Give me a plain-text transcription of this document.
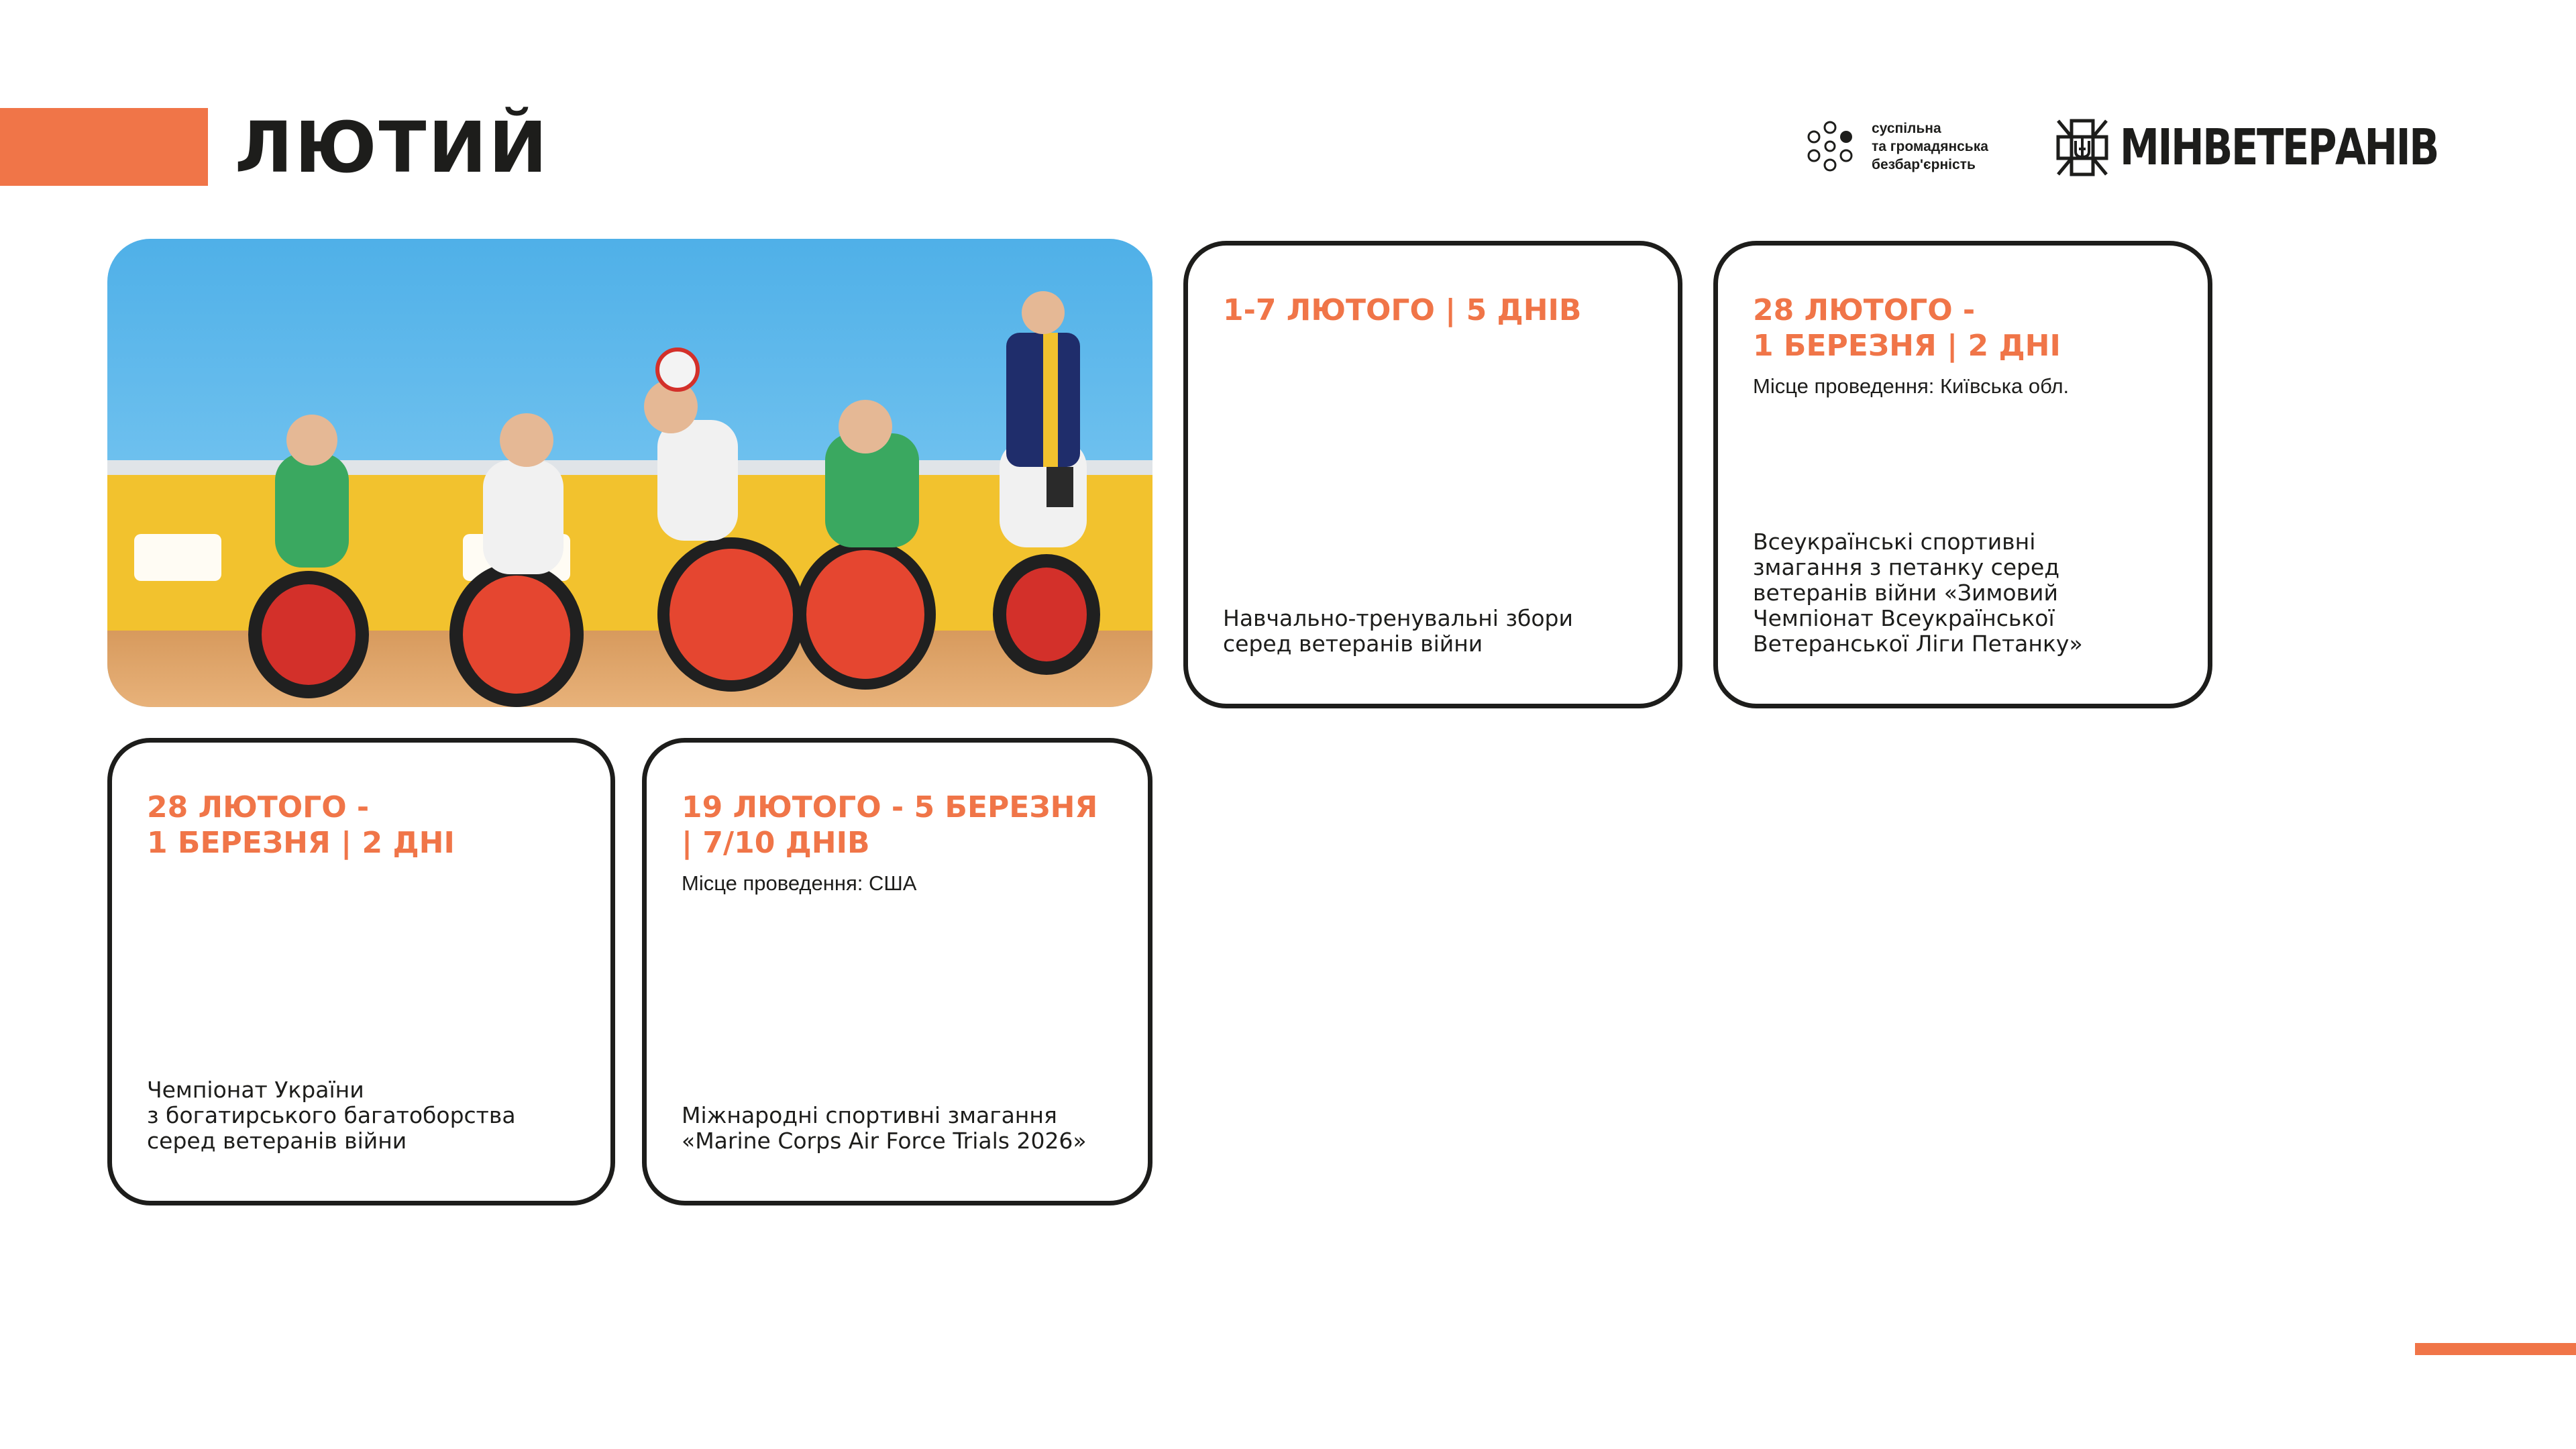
ЛЮТИЙ	суспільна
та громадянська
безбар'єрність	МІНВЕТЕРАНІВ
1-7 ЛЮТОГО | 5 ДНІВ
Навчально-тренувальні збори
серед ветеранів війни
28 ЛЮТОГО -
1 БЕРЕЗНЯ | 2 ДНІ
Місце проведення: Київська обл.
Всеукраїнські спортивні
змагання з петанку серед
ветеранів війни «Зимовий
Чемпіонат Всеукраїнської
Ветеранської Ліги Петанку»
28 ЛЮТОГО -
1 БЕРЕЗНЯ | 2 ДНІ
Чемпіонат України
з богатирського багатоборства
серед ветеранів війни
19 ЛЮТОГО - 5 БЕРЕЗНЯ
| 7/10 ДНІВ
Місце проведення: США
Міжнародні спортивні змагання
«Marine Corps Air Force Trials 2026»
